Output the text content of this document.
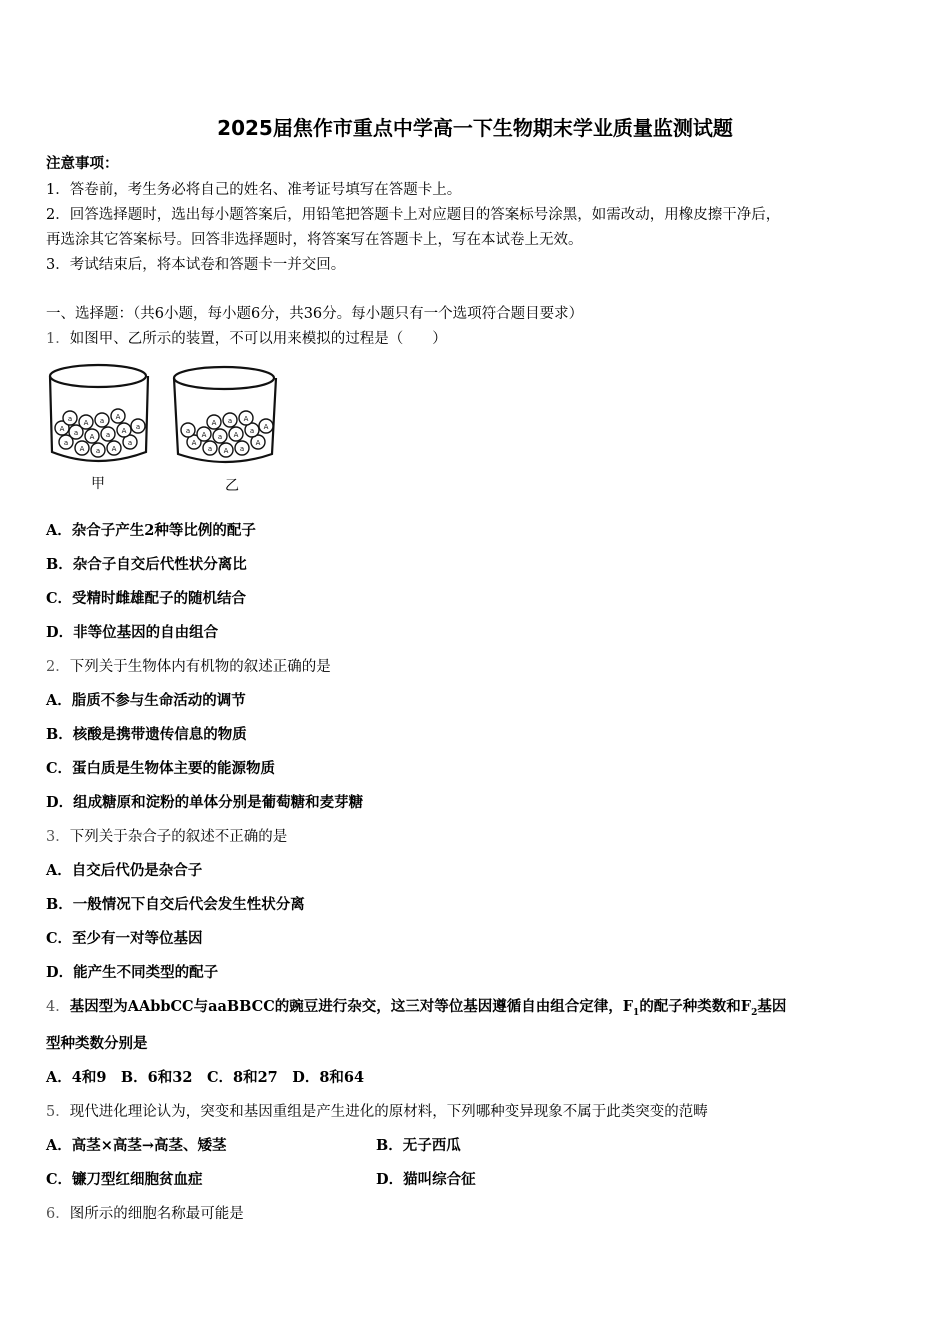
2025届焦作市重点中学高一下生物期末学业质量监测试题
注意事项：
1．答卷前，考生务必将自己的姓名、准考证号填写在答题卡上。
2．回答选择题时，选出每小题答案后，用铅笔把答题卡上对应题目的答案标号涂黑，如需改动，用橡皮擦干净后，
再选涂其它答案标号。回答非选择题时，将答案写在答题卡上，写在本试卷上无效。
3．考试结束后，将本试卷和答题卡一并交回。
一、选择题：（共6小题，每小题6分，共36分。每小题只有一个选项符合题目要求）
1．如图甲、乙所示的装置，不可以用来模拟的过程是（　　）
a
A a A
a
A a A a A a
a A a A
A
a A a
A
a A a A a A
A a A
甲	乙
A．杂合子产生2种等比例的配子
B．杂合子自交后代性状分离比
C．受精时雌雄配子的随机结合
D．非等位基因的自由组合
2．下列关于生物体内有机物的叙述正确的是
A．脂质不参与生命活动的调节
B．核酸是携带遗传信息的物质
C．蛋白质是生物体主要的能源物质
D．组成糖原和淀粉的单体分别是葡萄糖和麦芽糖
3．下列关于杂合子的叙述不正确的是
A．自交后代仍是杂合子
B．一般情况下自交后代会发生性状分离
C．至少有一对等位基因
D．能产生不同类型的配子
4．基因型为AAbbCC与aaBBCC的豌豆进行杂交，这三对等位基因遵循自由组合定律，$F_1$的配子种类数和$F_2$基因
型种类数分别是
A．4和9　B．6和32　C．8和27　D．8和64
5．现代进化理论认为，突变和基因重组是产生进化的原材料，下列哪种变异现象不属于此类突变的范畴
A．高茎×高茎→高茎、矮茎	B．无子西瓜
C．镰刀型红细胞贫血症	D．猫叫综合征
6．图所示的细胞名称最可能是
